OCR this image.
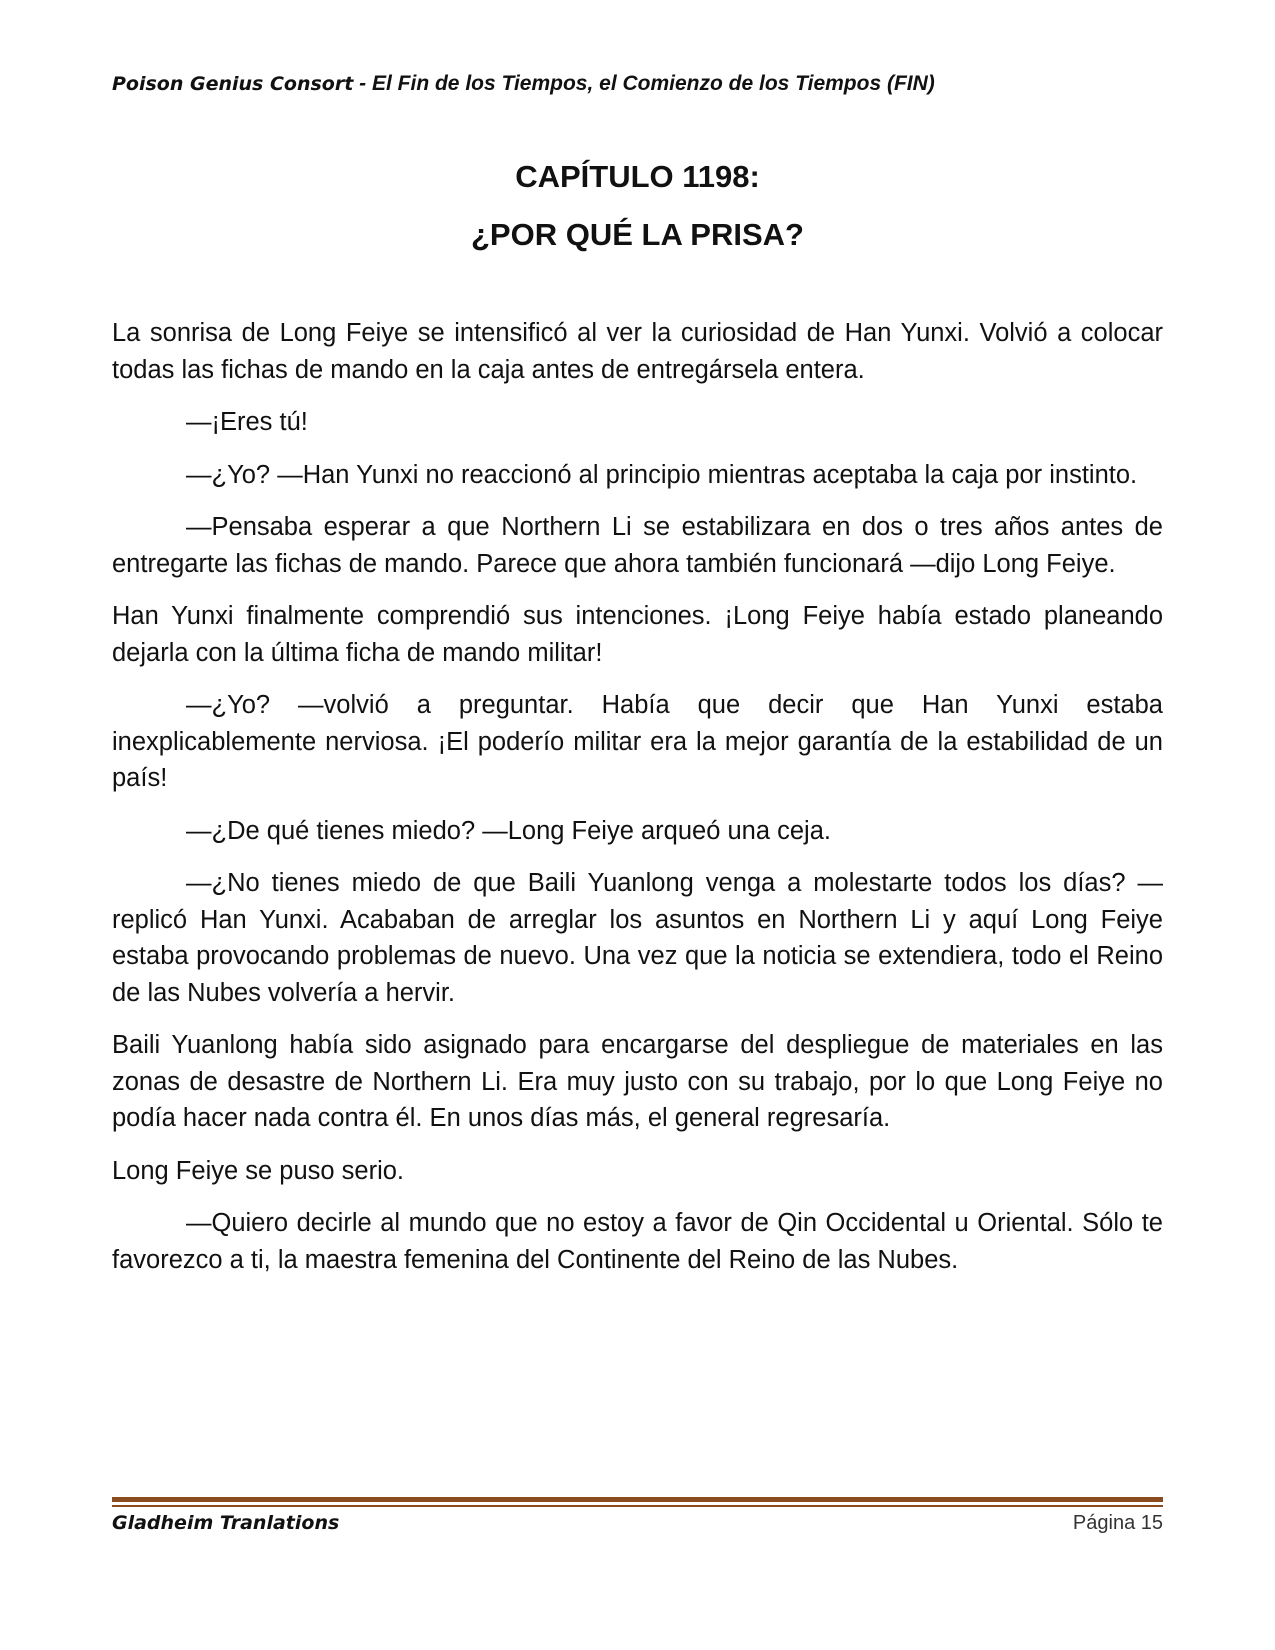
Poison Genius Consort - El Fin de los Tiempos, el Comienzo de los Tiempos (FIN)
CAPÍTULO 1198:
¿POR QUÉ LA PRISA?

La sonrisa de Long Feiye se intensificó al ver la curiosidad de Han Yunxi. Volvió a colocar todas las fichas de mando en la caja antes de entregársela entera.

—¡Eres tú!

—¿Yo? —Han Yunxi no reaccionó al principio mientras aceptaba la caja por instinto.

—Pensaba esperar a que Northern Li se estabilizara en dos o tres años antes de entregarte las fichas de mando. Parece que ahora también funcionará —dijo Long Feiye.

Han Yunxi finalmente comprendió sus intenciones. ¡Long Feiye había estado planeando dejarla con la última ficha de mando militar!

—¿Yo? —volvió a preguntar. Había que decir que Han Yunxi estaba inexplicablemente nerviosa. ¡El poderío militar era la mejor garantía de la estabilidad de un país!

—¿De qué tienes miedo? —Long Feiye arqueó una ceja.

—¿No tienes miedo de que Baili Yuanlong venga a molestarte todos los días? —replicó Han Yunxi. Acababan de arreglar los asuntos en Northern Li y aquí Long Feiye estaba provocando problemas de nuevo. Una vez que la noticia se extendiera, todo el Reino de las Nubes volvería a hervir.

Baili Yuanlong había sido asignado para encargarse del despliegue de materiales en las zonas de desastre de Northern Li. Era muy justo con su trabajo, por lo que Long Feiye no podía hacer nada contra él. En unos días más, el general regresaría.

Long Feiye se puso serio.

—Quiero decirle al mundo que no estoy a favor de Qin Occidental u Oriental. Sólo te favorezco a ti, la maestra femenina del Continente del Reino de las Nubes.

Gladheim Tranlations	Página 15
